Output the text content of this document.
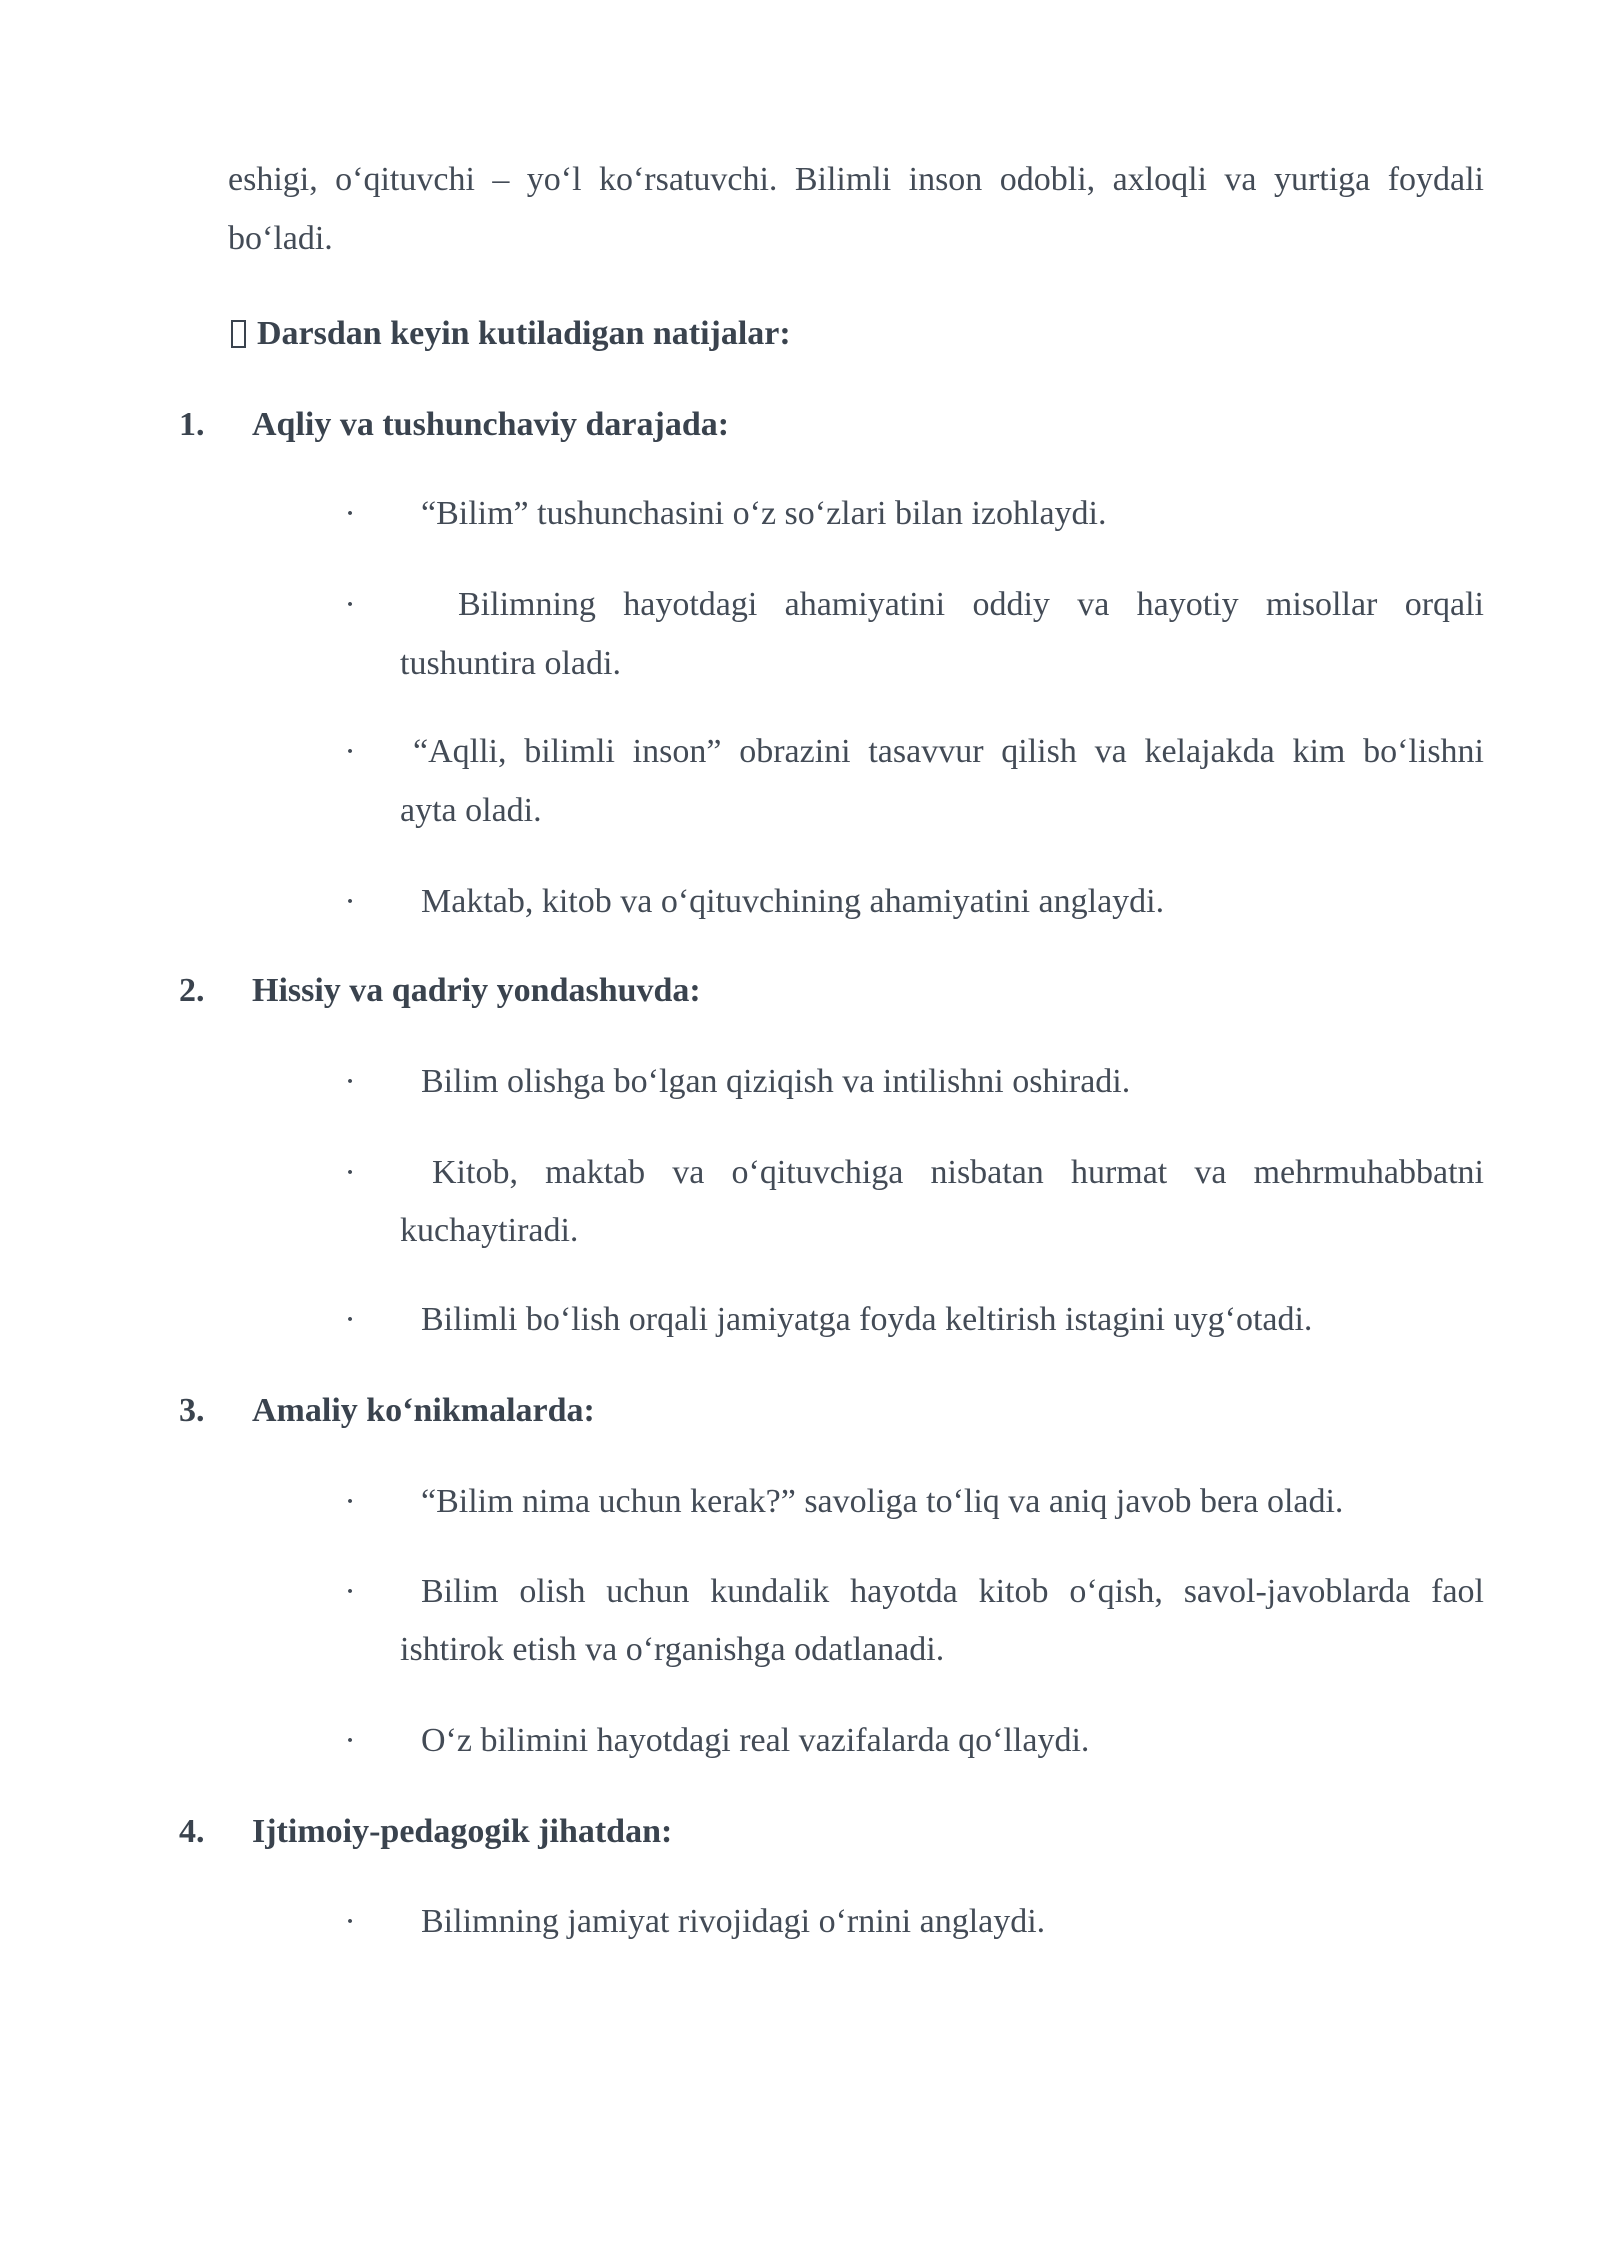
eshigi, o‘qituvchi – yo‘l ko‘rsatuvchi. Bilimli inson odobli, axloqli va yurtiga foydali
bo‘ladi.
Darsdan keyin kutiladigan natijalar:
1. Aqliy va tushunchaviy darajada:
· “Bilim” tushunchasini o‘z so‘zlari bilan izohlaydi.
·	Bilimning hayotdagi ahamiyatini oddiy va hayotiy misollar orqali
tushuntira oladi.
· “Aqlli, bilimli inson” obrazini tasavvur qilish va kelajakda kim bo‘lishni
ayta oladi.
· Maktab, kitob va o‘qituvchining ahamiyatini anglaydi.
2. Hissiy va qadriy yondashuvda:
· Bilim olishga bo‘lgan qiziqish va intilishni oshiradi.
· Kitob, maktab va o‘qituvchiga nisbatan hurmat va mehrmuhabbatni
kuchaytiradi.
· Bilimli bo‘lish orqali jamiyatga foyda keltirish istagini uyg‘otadi.
3. Amaliy ko‘nikmalarda:
· “Bilim nima uchun kerak?” savoliga to‘liq va aniq javob bera oladi.
· Bilim olish uchun kundalik hayotda kitob o‘qish, savol-javoblarda faol
ishtirok etish va o‘rganishga odatlanadi.
· O‘z bilimini hayotdagi real vazifalarda qo‘llaydi.
4. Ijtimoiy-pedagogik jihatdan:
· Bilimning jamiyat rivojidagi o‘rnini anglaydi.
